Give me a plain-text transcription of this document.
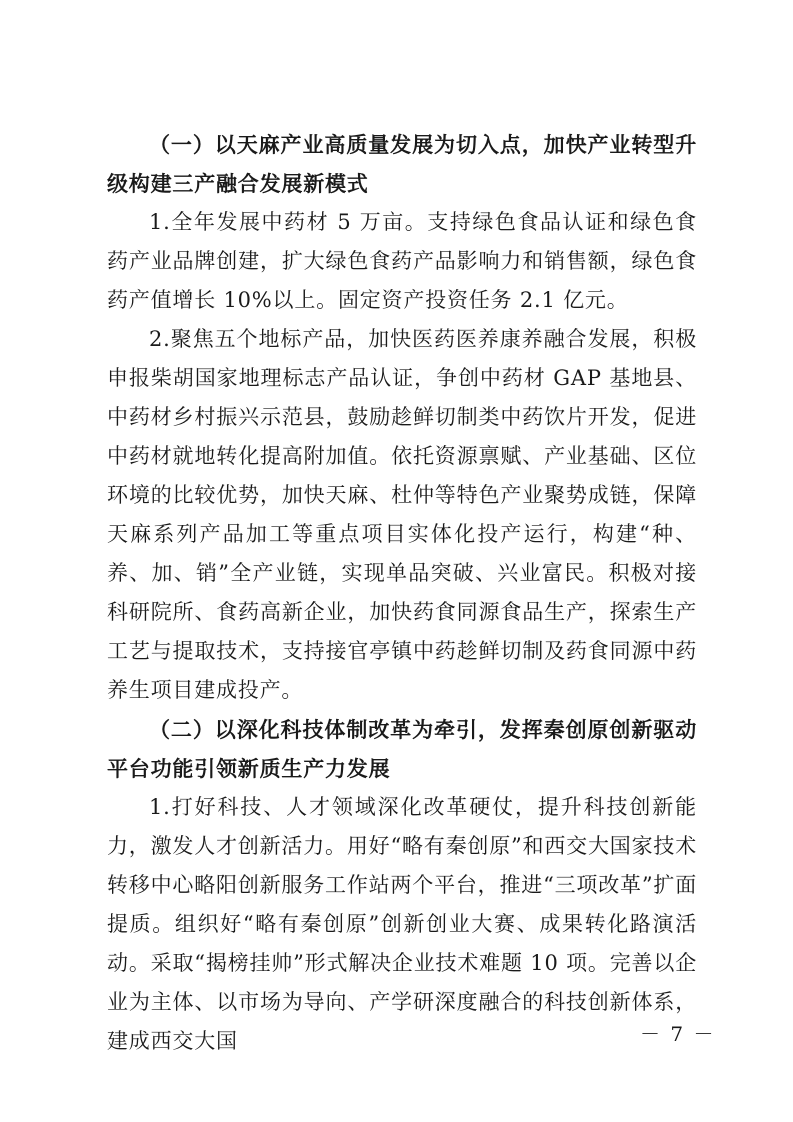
（一）以天麻产业高质量发展为切入点，加快产业转型升级构建三产融合发展新模式

1.全年发展中药材 5 万亩。支持绿色食品认证和绿色食药产业品牌创建，扩大绿色食药产品影响力和销售额，绿色食药产值增长 10%以上。固定资产投资任务 2.1 亿元。

2.聚焦五个地标产品，加快医药医养康养融合发展，积极申报柴胡国家地理标志产品认证，争创中药材 GAP 基地县、中药材乡村振兴示范县，鼓励趁鲜切制类中药饮片开发，促进中药材就地转化提高附加值。依托资源禀赋、产业基础、区位环境的比较优势，加快天麻、杜仲等特色产业聚势成链，保障天麻系列产品加工等重点项目实体化投产运行，构建“种、养、加、销”全产业链，实现单品突破、兴业富民。积极对接科研院所、食药高新企业，加快药食同源食品生产，探索生产工艺与提取技术，支持接官亭镇中药趁鲜切制及药食同源中药养生项目建成投产。

（二）以深化科技体制改革为牵引，发挥秦创原创新驱动平台功能引领新质生产力发展

1.打好科技、人才领域深化改革硬仗，提升科技创新能力，激发人才创新活力。用好“略有秦创原”和西交大国家技术转移中心略阳创新服务工作站两个平台，推进“三项改革”扩面提质。组织好“略有秦创原”创新创业大赛、成果转化路演活动。采取“揭榜挂帅”形式解决企业技术难题 10 项。完善以企业为主体、以市场为导向、产学研深度融合的科技创新体系，建成西交大国	－ 7 －
